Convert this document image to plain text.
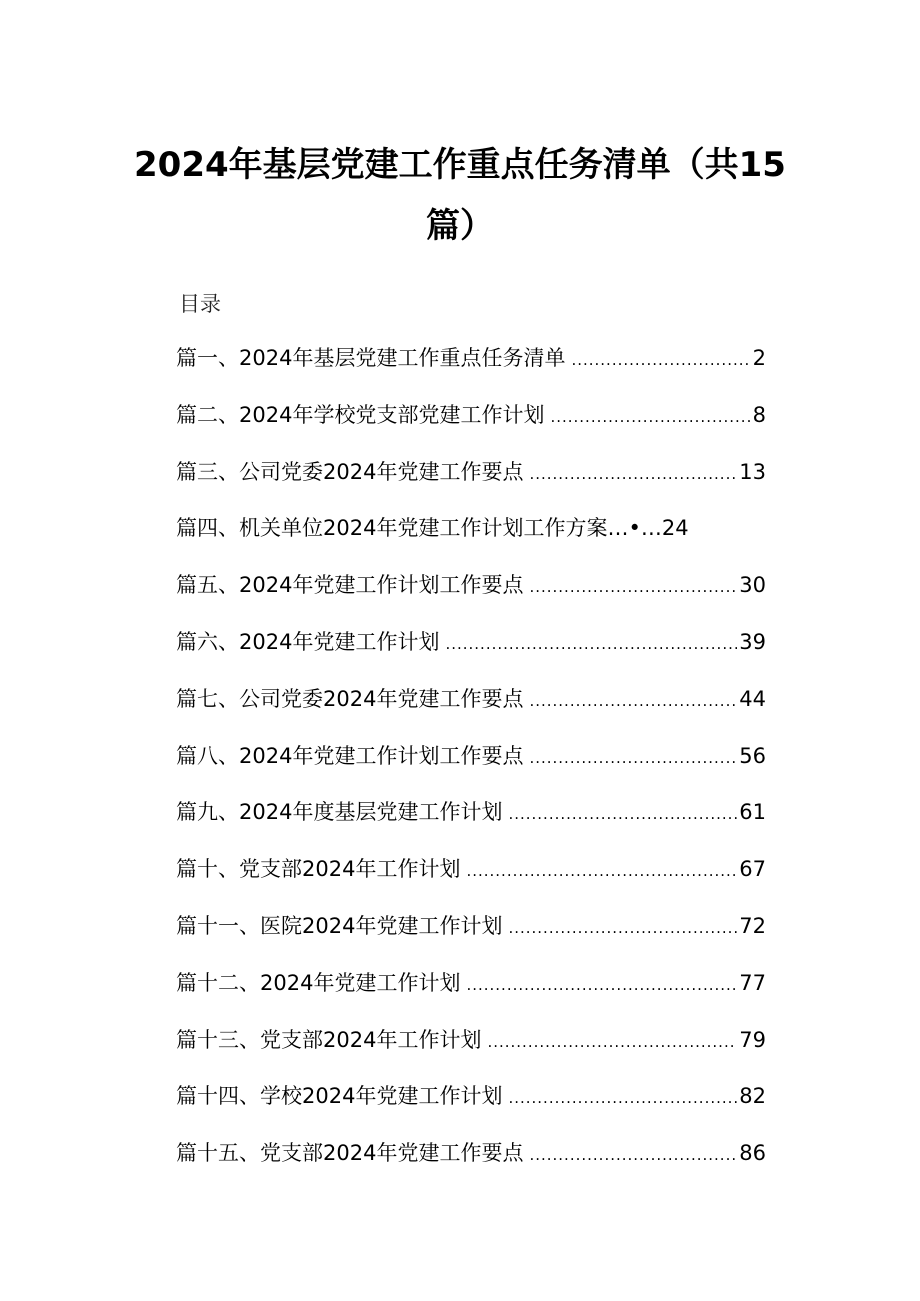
2024年基层党建工作重点任务清单（共15
篇）
目录
篇一、2024年基层党建工作重点任务清单 .....	2
篇二、2024年学校党支部党建工作计划 .....	8
篇三、公司党委2024年党建工作要点 .....	13
篇四、机关单位2024年党建工作计划工作方案…•… 24
篇五、2024年党建工作计划工作要点 .....	30
篇六、2024年党建工作计划 .....	39
篇七、公司党委2024年党建工作要点 .....	44
篇八、2024年党建工作计划工作要点 .....	56
篇九、2024年度基层党建工作计划 .....	61
篇十、党支部2024年工作计划 .....	67
篇十一、医院2024年党建工作计划 .....	72
篇十二、2024年党建工作计划 .....	77
篇十三、党支部2024年工作计划 .....	79
篇十四、学校2024年党建工作计划 .....	82
篇十五、党支部2024年党建工作要点 .....	86
